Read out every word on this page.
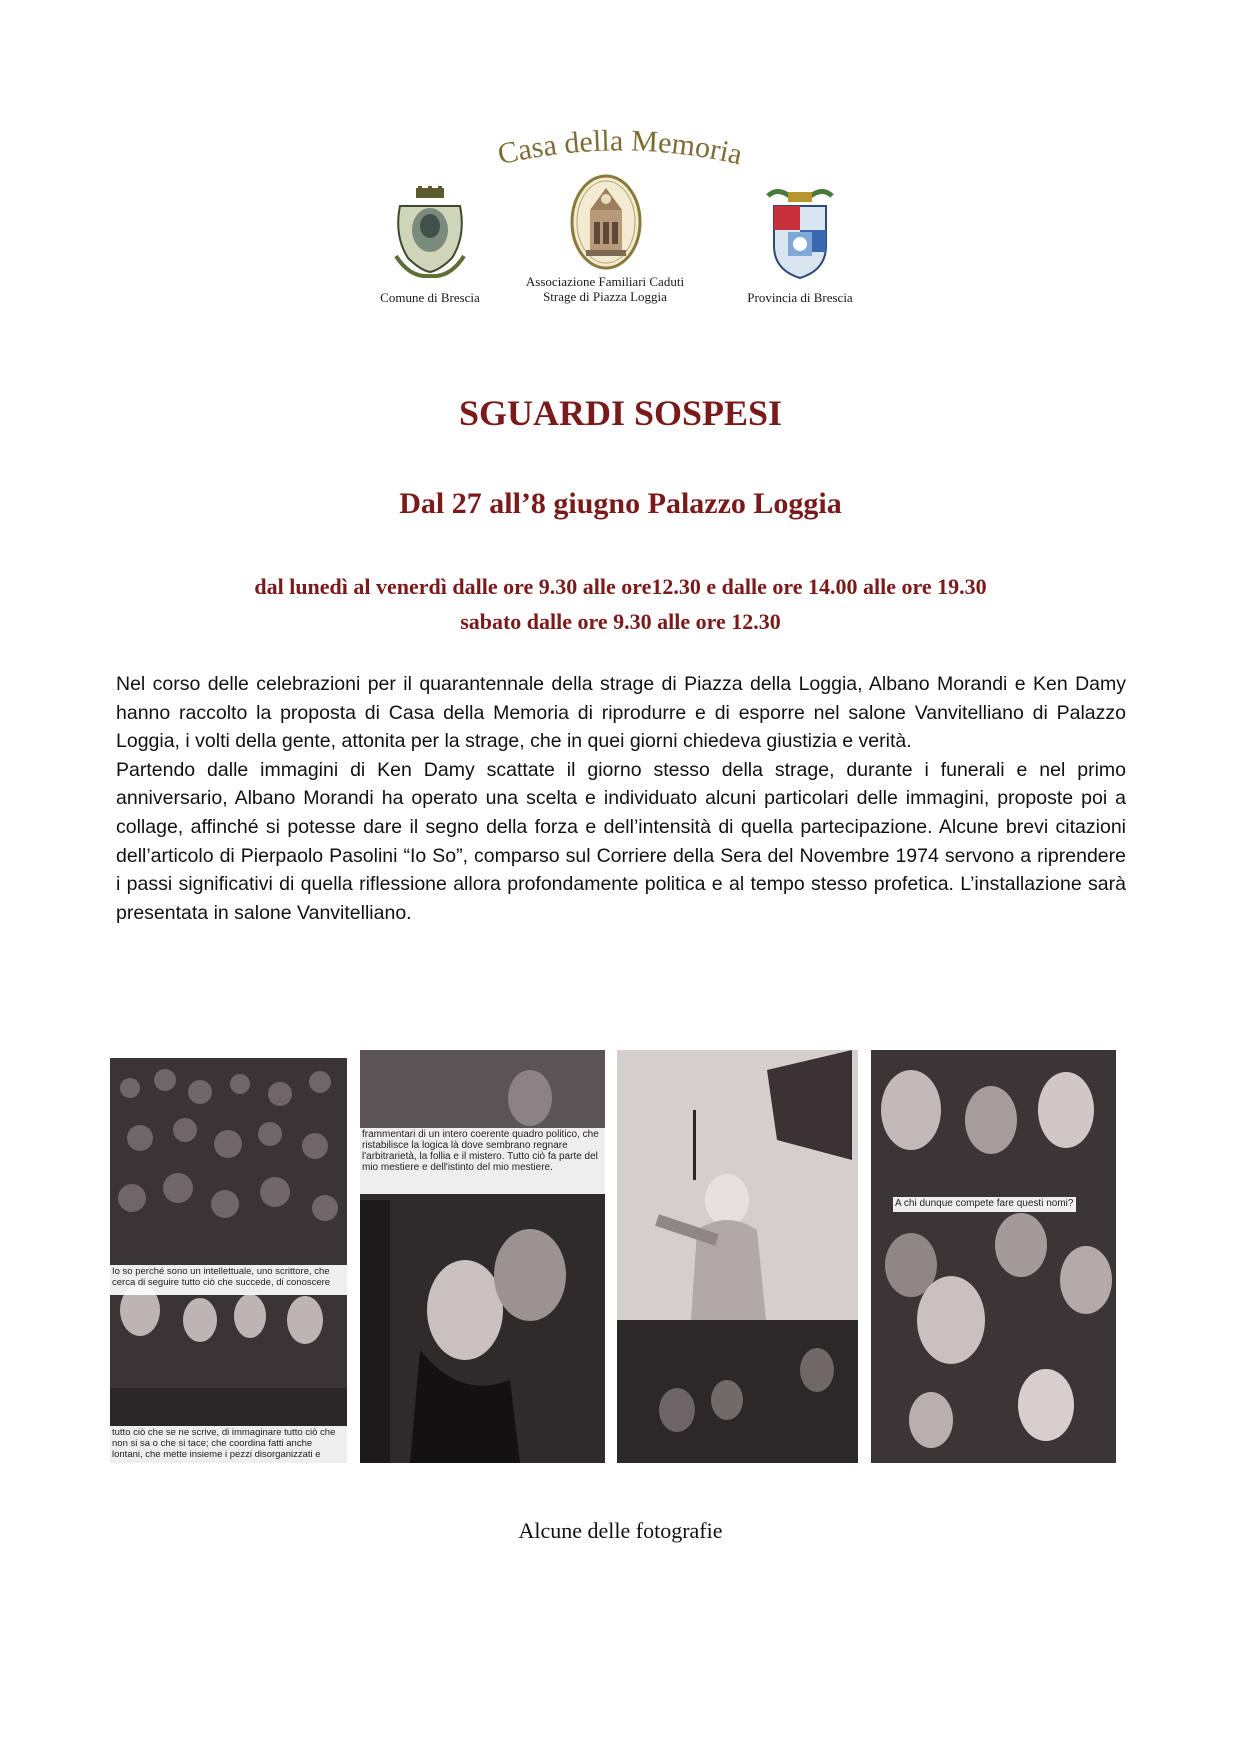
Casa della Memoria
Comune di Brescia
Associazione Familiari Caduti
Strage di Piazza Loggia	Provincia di Brescia
SGUARDI SOSPESI
Dal 27 all’8 giugno Palazzo Loggia
dal lunedì al venerdì dalle ore 9.30 alle ore12.30 e dalle ore 14.00 alle ore 19.30
sabato dalle ore 9.30 alle ore 12.30

Nel corso delle celebrazioni per il quarantennale della strage di Piazza della Loggia, Albano Morandi e Ken Damy hanno raccolto la proposta di Casa della Memoria di riprodurre e di esporre nel salone Vanvitelliano di Palazzo Loggia, i volti della gente, attonita per la strage, che in quei giorni chiedeva giustizia e verità.

Partendo dalle immagini di Ken Damy scattate il giorno stesso della strage, durante i funerali e nel primo anniversario, Albano Morandi ha operato una scelta e individuato alcuni particolari delle immagini, proposte poi a collage, affinché si potesse dare il segno della forza e dell’intensità di quella partecipazione. Alcune brevi citazioni dell’articolo di Pierpaolo Pasolini “Io So”, comparso sul Corriere della Sera del Novembre 1974 servono a riprendere i passi significativi di quella riflessione allora profondamente politica e al tempo stesso profetica. L’installazione sarà presentata in salone Vanvitelliano.

Io so perché sono un intellettuale, uno scrittore, che cerca di seguire tutto ciò che succede, di conoscere
tutto ciò che se ne scrive, di immaginare tutto ciò che non si sa o che si tace; che coordina fatti anche lontani, che mette insieme i pezzi disorganizzati e
frammentari di un intero coerente quadro politico, che ristabilisce la logica là dove sembrano regnare l'arbitrarietà, la follia e il mistero. Tutto ciò fa parte del mio mestiere e dell'istinto del mio mestiere.
A chi dunque compete fare questi nomi?
Alcune delle fotografie
